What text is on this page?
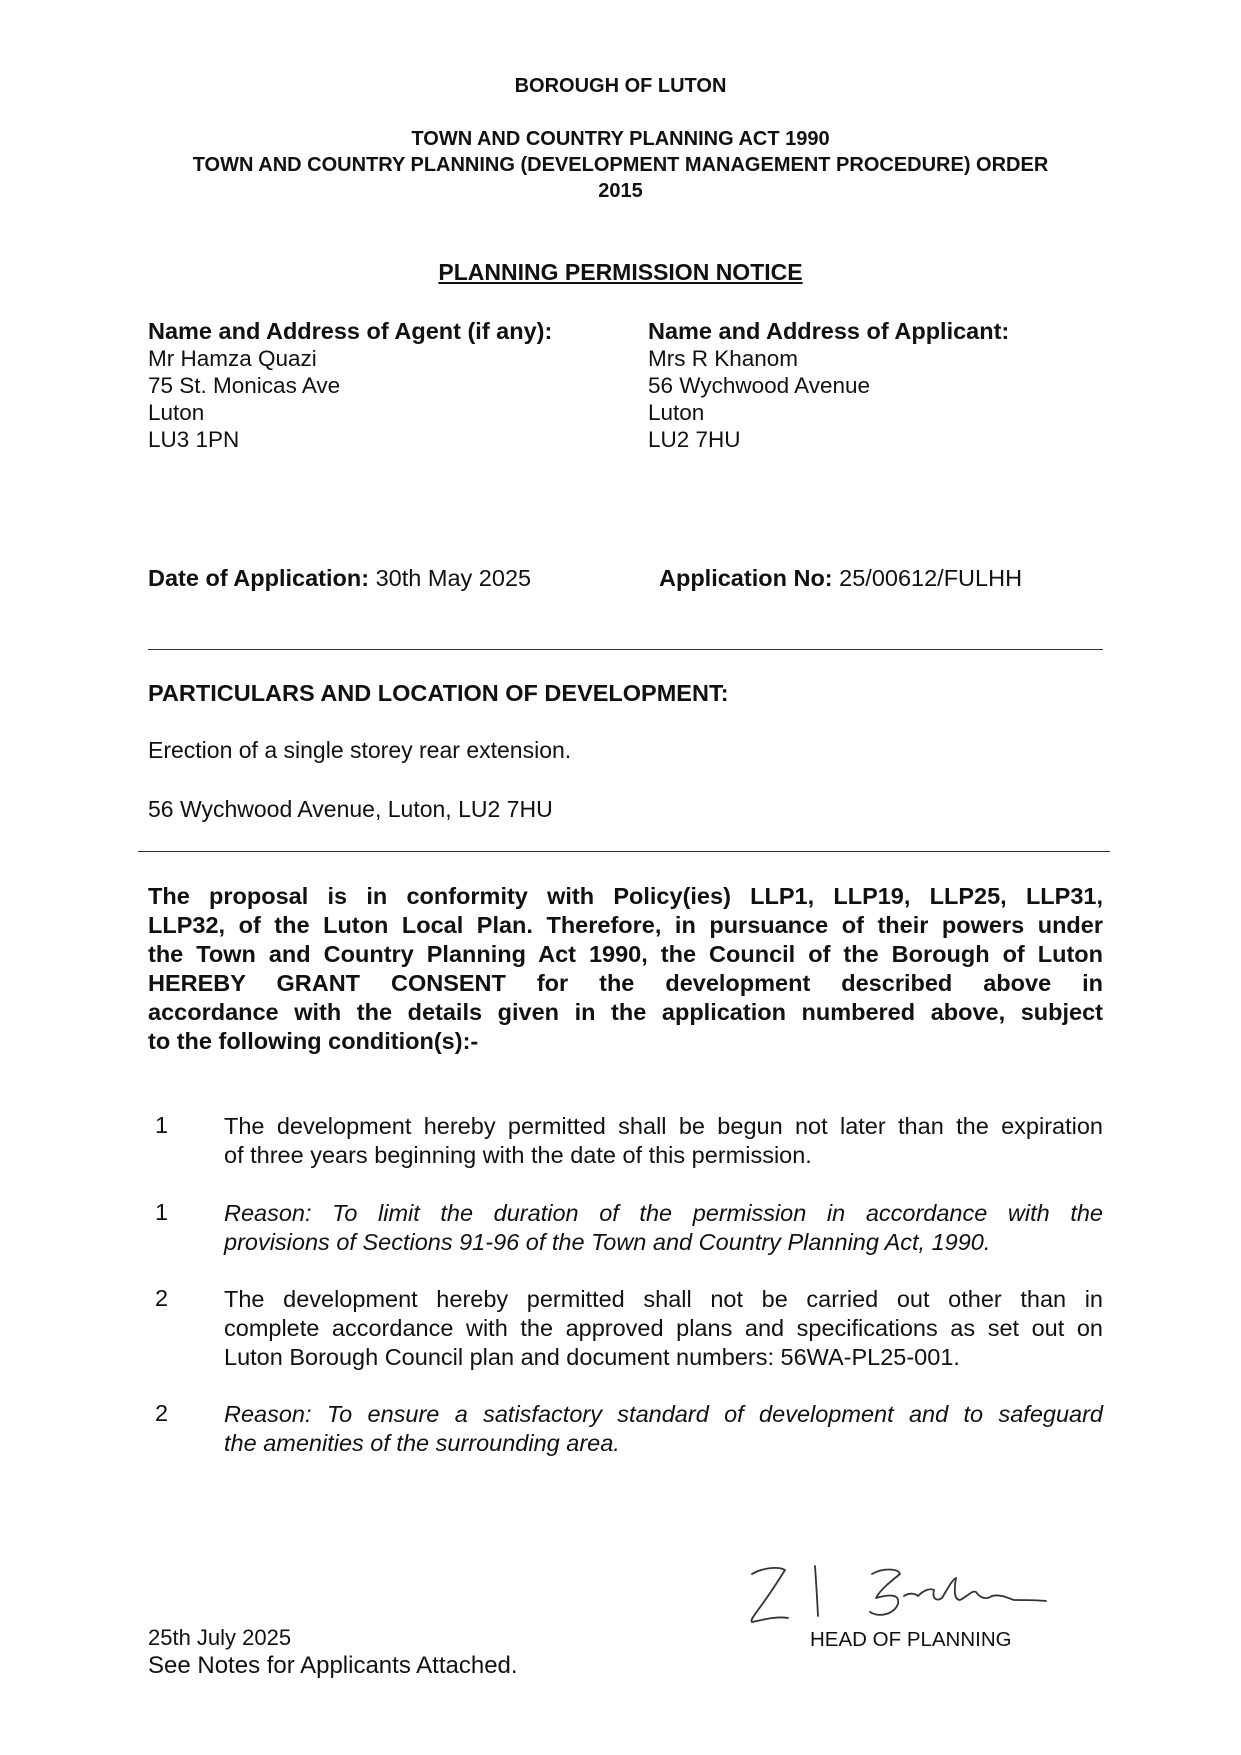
BOROUGH OF LUTON
TOWN AND COUNTRY PLANNING ACT 1990
TOWN AND COUNTRY PLANNING (DEVELOPMENT MANAGEMENT PROCEDURE) ORDER
2015
PLANNING PERMISSION NOTICE
Name and Address of Agent (if any):
Mr Hamza Quazi
75 St. Monicas Ave
Luton
LU3 1PN
Name and Address of Applicant:
Mrs R Khanom
56 Wychwood Avenue
Luton
LU2 7HU
Date of Application: 30th May 2025	Application No: 25/00612/FULHH
PARTICULARS AND LOCATION OF DEVELOPMENT:
Erection of a single storey rear extension.
56 Wychwood Avenue, Luton, LU2 7HU
The proposal is in conformity with Policy(ies) LLP1, LLP19, LLP25, LLP31,
LLP32, of the Luton Local Plan. Therefore, in pursuance of their powers under
the Town and Country Planning Act 1990, the Council of the Borough of Luton
HEREBY GRANT CONSENT for the development described above in
accordance with the details given in the application numbered above, subject
to the following condition(s):-
1 The development hereby permitted shall be begun not later than the expiration
of three years beginning with the date of this permission.
1 Reason: To limit the duration of the permission in accordance with the
provisions of Sections 91-96 of the Town and Country Planning Act, 1990.
2 The development hereby permitted shall not be carried out other than in
complete accordance with the approved plans and specifications as set out on
Luton Borough Council plan and document numbers: 56WA-PL25-001.
2 Reason: To ensure a satisfactory standard of development and to safeguard
the amenities of the surrounding area.
25th July 2025
See Notes for Applicants Attached.
HEAD OF PLANNING
